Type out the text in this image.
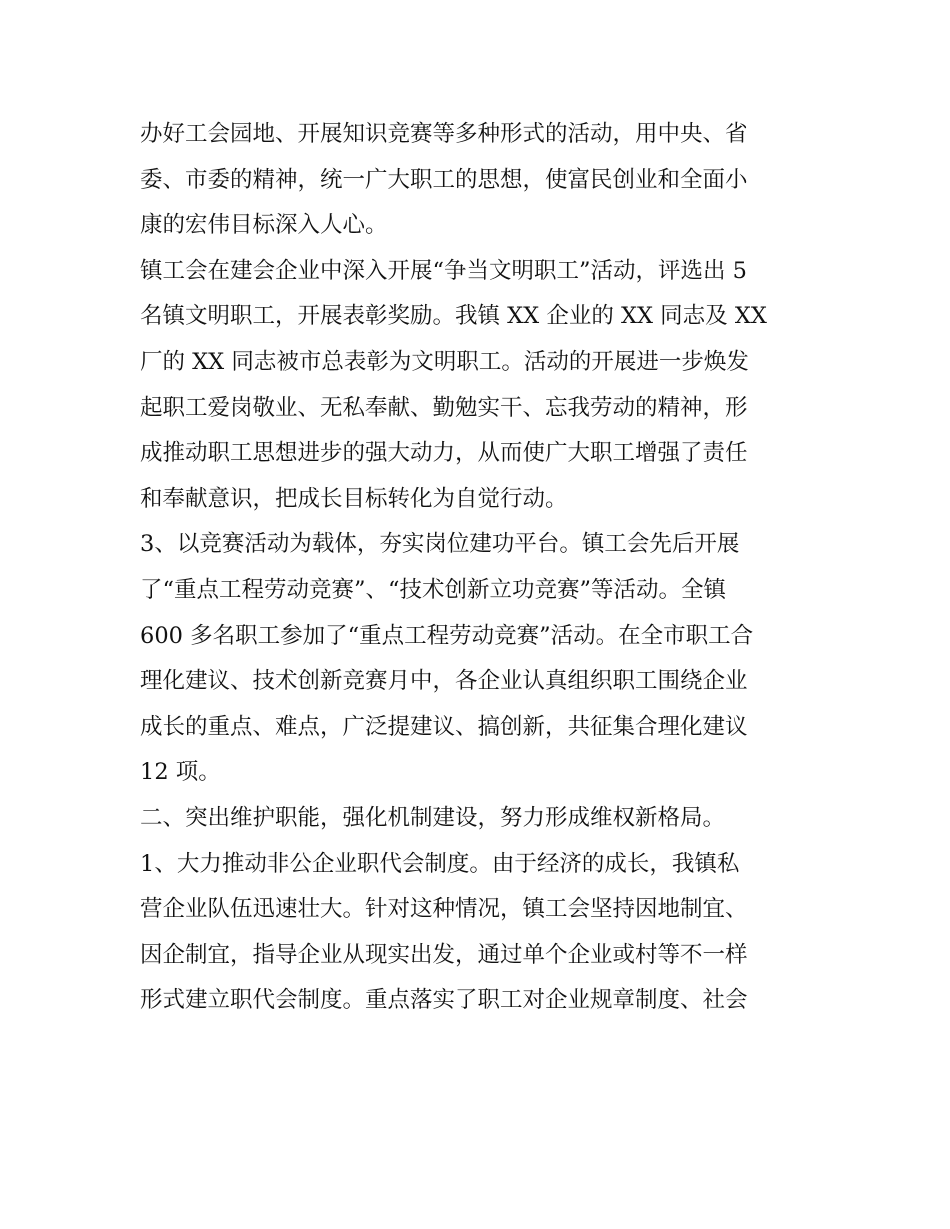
办好工会园地、开展知识竞赛等多种形式的活动，用中央、省
委、市委的精神，统一广大职工的思想，使富民创业和全面小
康的宏伟目标深入人心。
镇工会在建会企业中深入开展“争当文明职工”活动，评选出 5
名镇文明职工，开展表彰奖励。我镇 XX 企业的 XX 同志及 XX
厂的 XX 同志被市总表彰为文明职工。活动的开展进一步焕发
起职工爱岗敬业、无私奉献、勤勉实干、忘我劳动的精神，形
成推动职工思想进步的强大动力，从而使广大职工增强了责任
和奉献意识，把成长目标转化为自觉行动。
3、以竞赛活动为载体，夯实岗位建功平台。镇工会先后开展
了“重点工程劳动竞赛”、“技术创新立功竞赛”等活动。全镇
600 多名职工参加了“重点工程劳动竞赛”活动。在全市职工合
理化建议、技术创新竞赛月中，各企业认真组织职工围绕企业
成长的重点、难点，广泛提建议、搞创新，共征集合理化建议
12 项。
二、突出维护职能，强化机制建设，努力形成维权新格局。
1、大力推动非公企业职代会制度。由于经济的成长，我镇私
营企业队伍迅速壮大。针对这种情况，镇工会坚持因地制宜、
因企制宜，指导企业从现实出发，通过单个企业或村等不一样
形式建立职代会制度。重点落实了职工对企业规章制度、社会
